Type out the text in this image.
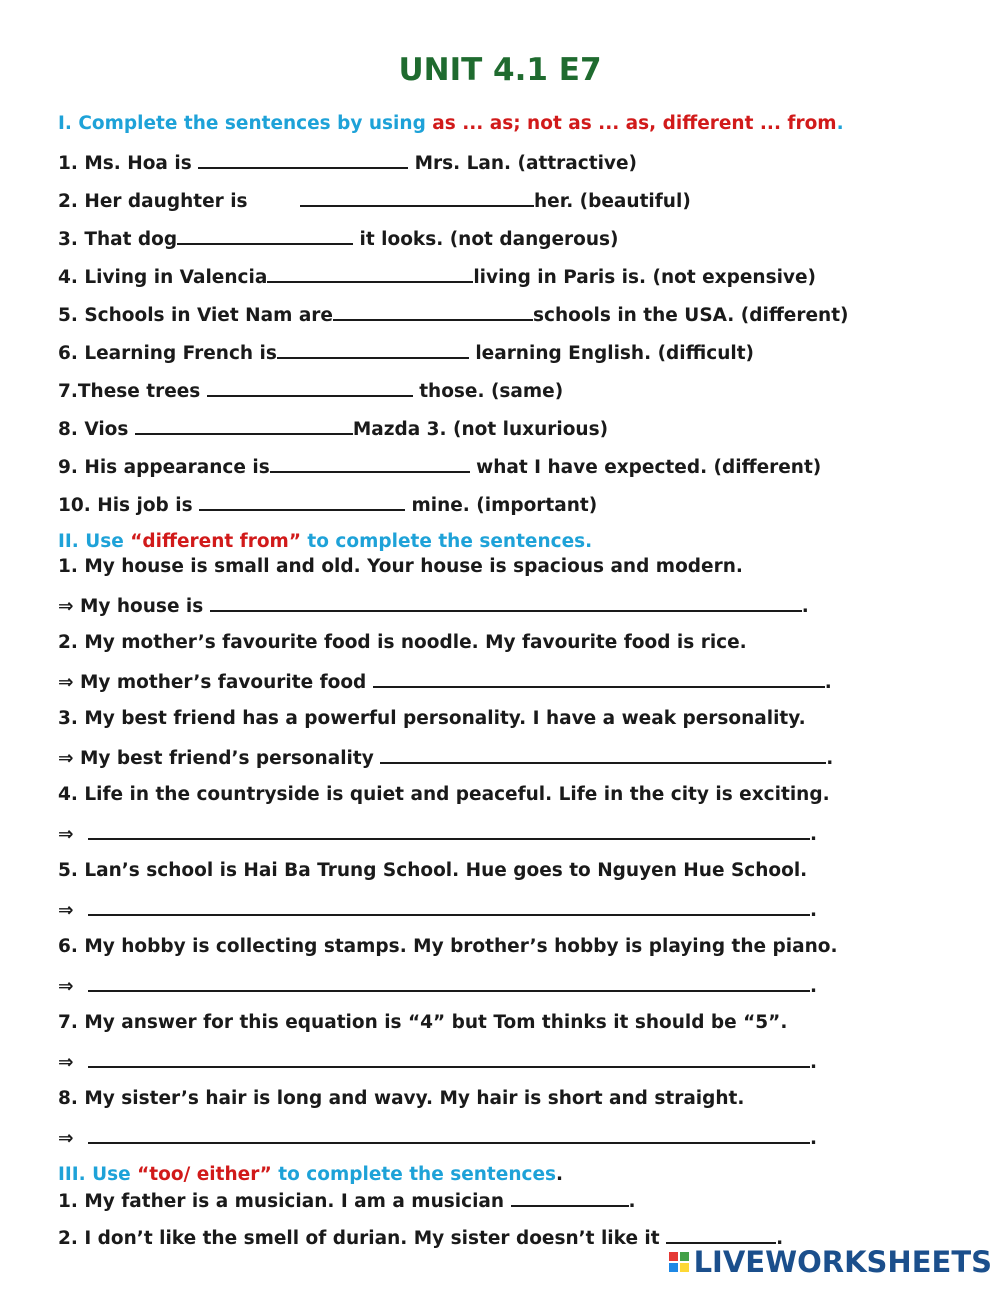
UNIT 4.1 E7
I. Complete the sentences by using as ... as; not as ... as, different ... from.
1. Ms. Hoa is	Mrs. Lan. (attractive)
2. Her daughter is	her. (beautiful)
3. That dog	it looks. (not dangerous)
4. Living in Valencia	living in Paris is. (not expensive)
5. Schools in Viet Nam are	schools in the USA. (different)
6. Learning French is	learning English. (difficult)
7.These trees	those. (same)
8. Vios	Mazda 3. (not luxurious)
9. His appearance is	what I have expected. (different)
10. His job is	mine. (important)
II. Use “different from” to complete the sentences.
1. My house is small and old. Your house is spacious and modern.
⇒ My house is	.
2. My mother’s favourite food is noodle. My favourite food is rice.
⇒ My mother’s favourite food	.
3. My best friend has a powerful personality. I have a weak personality.
⇒ My best friend’s personality	.
4. Life in the countryside is quiet and peaceful. Life in the city is exciting.
⇒	.
5. Lan’s school is Hai Ba Trung School. Hue goes to Nguyen Hue School.
⇒	.
6. My hobby is collecting stamps. My brother’s hobby is playing the piano.
⇒	.
7. My answer for this equation is “4” but Tom thinks it should be “5”.
⇒	.
8. My sister’s hair is long and wavy. My hair is short and straight.
⇒	.
III. Use “too/ either” to complete the sentences.
1. My father is a musician. I am a musician	.
2. I don’t like the smell of durian. My sister doesn’t like it	.
LIVEWORKSHEETS
